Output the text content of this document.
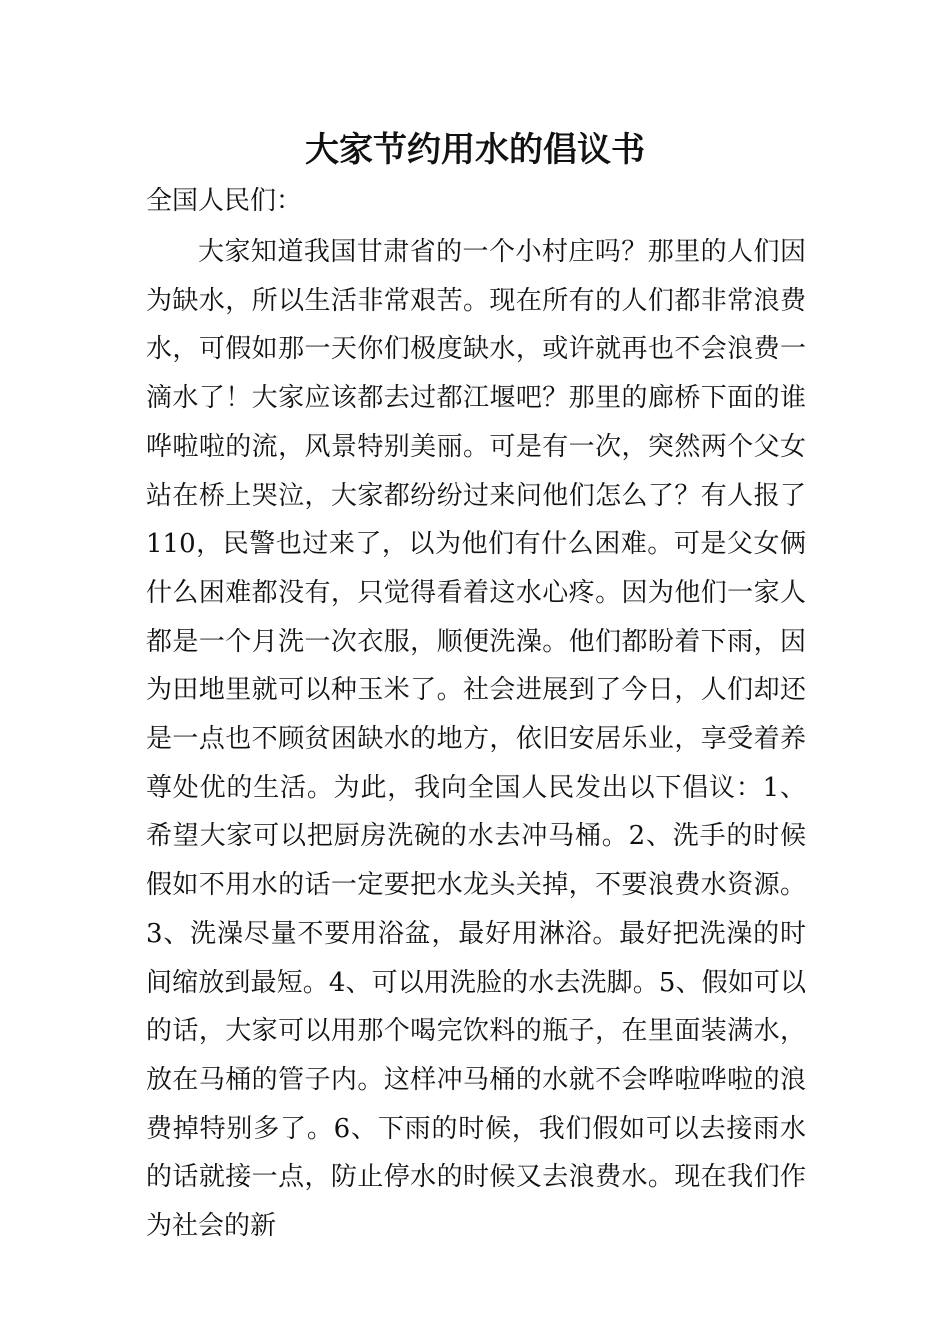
大家节约用水的倡议书

全国人民们：

大家知道我国甘肃省的一个小村庄吗？那里的人们因为缺水，所以生活非常艰苦。现在所有的人们都非常浪费水，可假如那一天你们极度缺水，或许就再也不会浪费一滴水了！大家应该都去过都江堰吧？那里的廊桥下面的谁哗啦啦的流，风景特别美丽。可是有一次，突然两个父女站在桥上哭泣，大家都纷纷过来问他们怎么了？有人报了110，民警也过来了，以为他们有什么困难。可是父女俩什么困难都没有，只觉得看着这水心疼。因为他们一家人都是一个月洗一次衣服，顺便洗澡。他们都盼着下雨，因为田地里就可以种玉米了。社会进展到了今日，人们却还是一点也不顾贫困缺水的地方，依旧安居乐业，享受着养尊处优的生活。为此，我向全国人民发出以下倡议：1、希望大家可以把厨房洗碗的水去冲马桶。2、洗手的时候假如不用水的话一定要把水龙头关掉，不要浪费水资源。3、洗澡尽量不要用浴盆，最好用淋浴。最好把洗澡的时间缩放到最短。4、可以用洗脸的水去洗脚。5、假如可以的话，大家可以用那个喝完饮料的瓶子，在里面装满水，放在马桶的管子内。这样冲马桶的水就不会哗啦哗啦的浪费掉特别多了。6、下雨的时候，我们假如可以去接雨水的话就接一点，防止停水的时候又去浪费水。现在我们作为社会的新
